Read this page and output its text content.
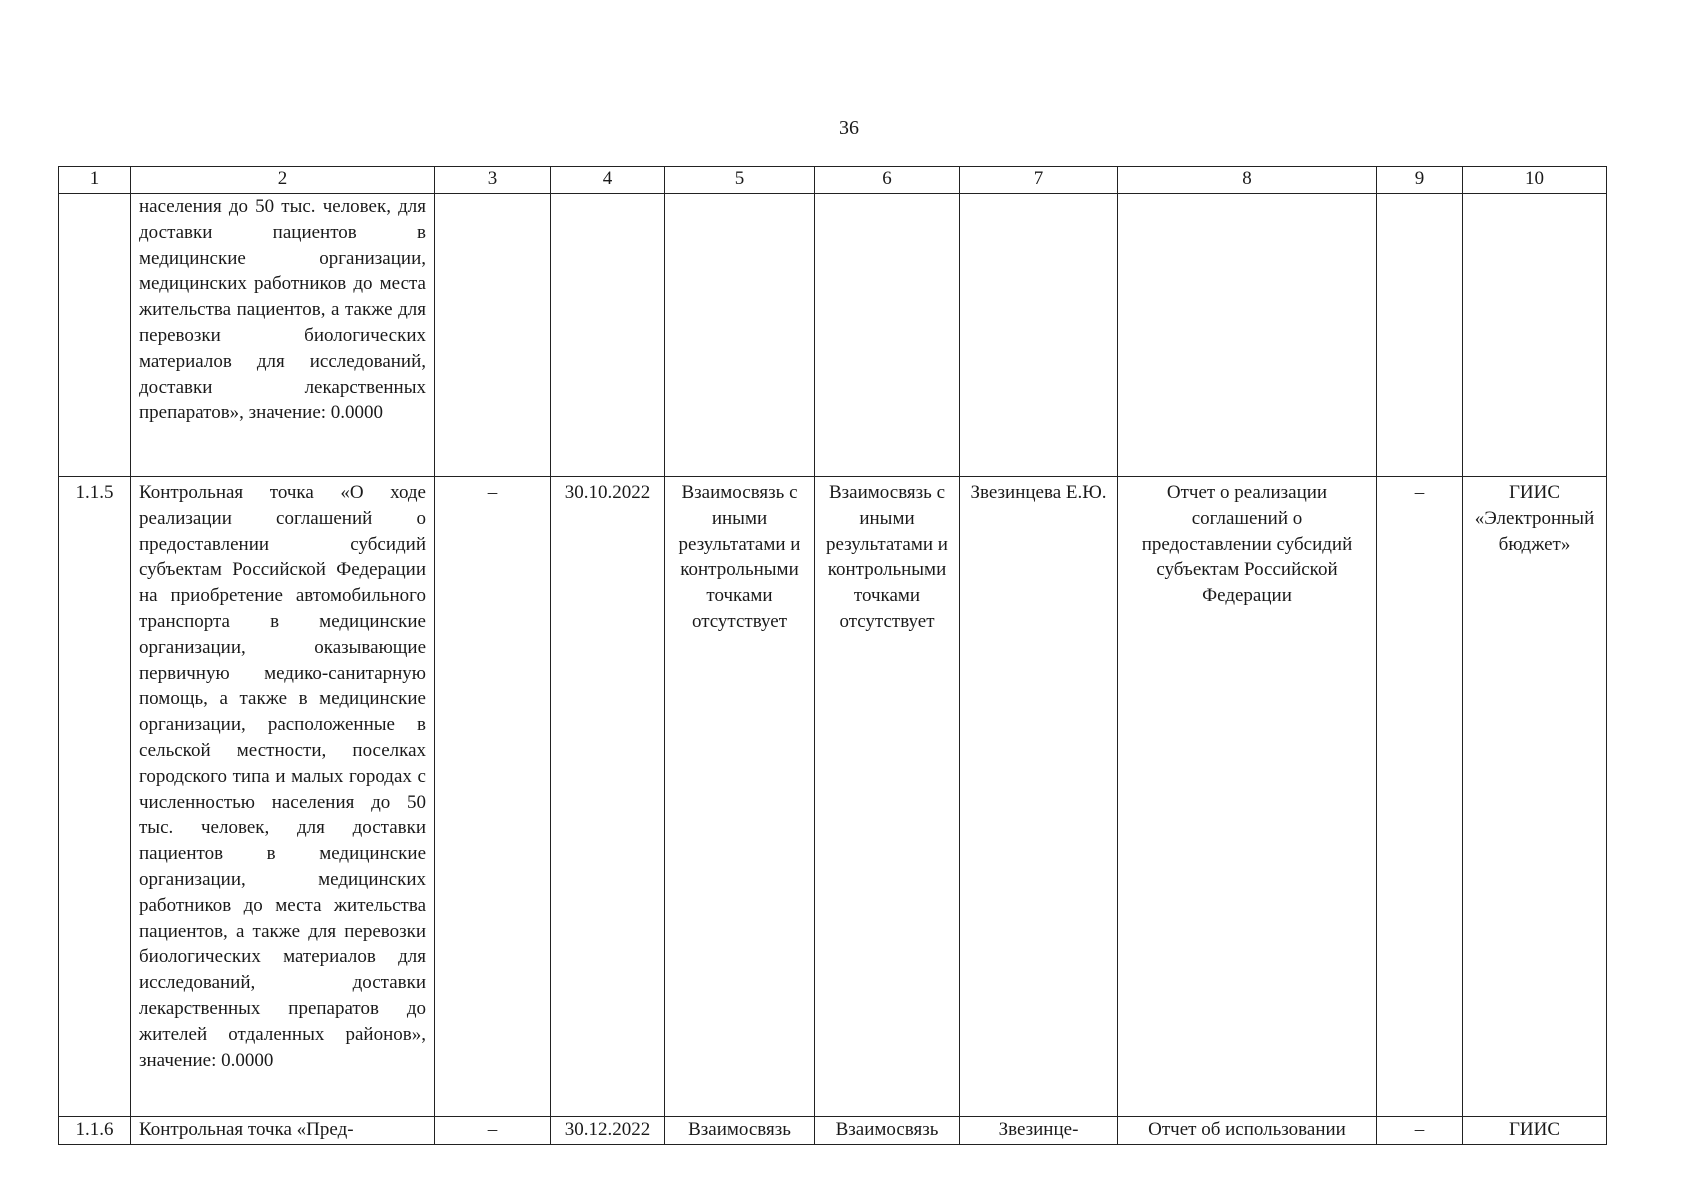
36
1	2	3	4	5	6	7	8	9	10
	населения до 50 тыс. человек, для доставки пациентов в медицинские организации, медицинских работников до места жительства пациентов, а также для перевозки биологических материалов для исследований, доставки лекарственных препаратов», значение: 0.0000								
1.1.5	Контрольная точка «О ходе реализации соглашений о предоставлении субсидий субъектам Российской Федерации на приобретение автомобильного транспорта в медицинские организации, оказывающие первичную медико-санитарную помощь, а также в медицинские организации, расположенные в сельской местности, поселках городского типа и малых городах с численностью населения до 50 тыс. человек, для доставки пациентов в медицинские организации, медицинских работников до места жительства пациентов, а также для перевозки биологических материалов для исследований, доставки лекарственных препаратов до жителей отдаленных районов», значение: 0.0000	–	30.10.2022	Взаимосвязь с иными результатами и контрольными точками отсутствует	Взаимосвязь с иными результатами и контрольными точками отсутствует	Звезинцева Е.Ю.	Отчет о реализации соглашений о предоставлении субсидий субъектам Российской Федерации	–	ГИИС «Электронный бюджет»
1.1.6	Контрольная точка «Пред-	–	30.12.2022	Взаимосвязь	Взаимосвязь	Звезинце-	Отчет об использовании	–	ГИИС
